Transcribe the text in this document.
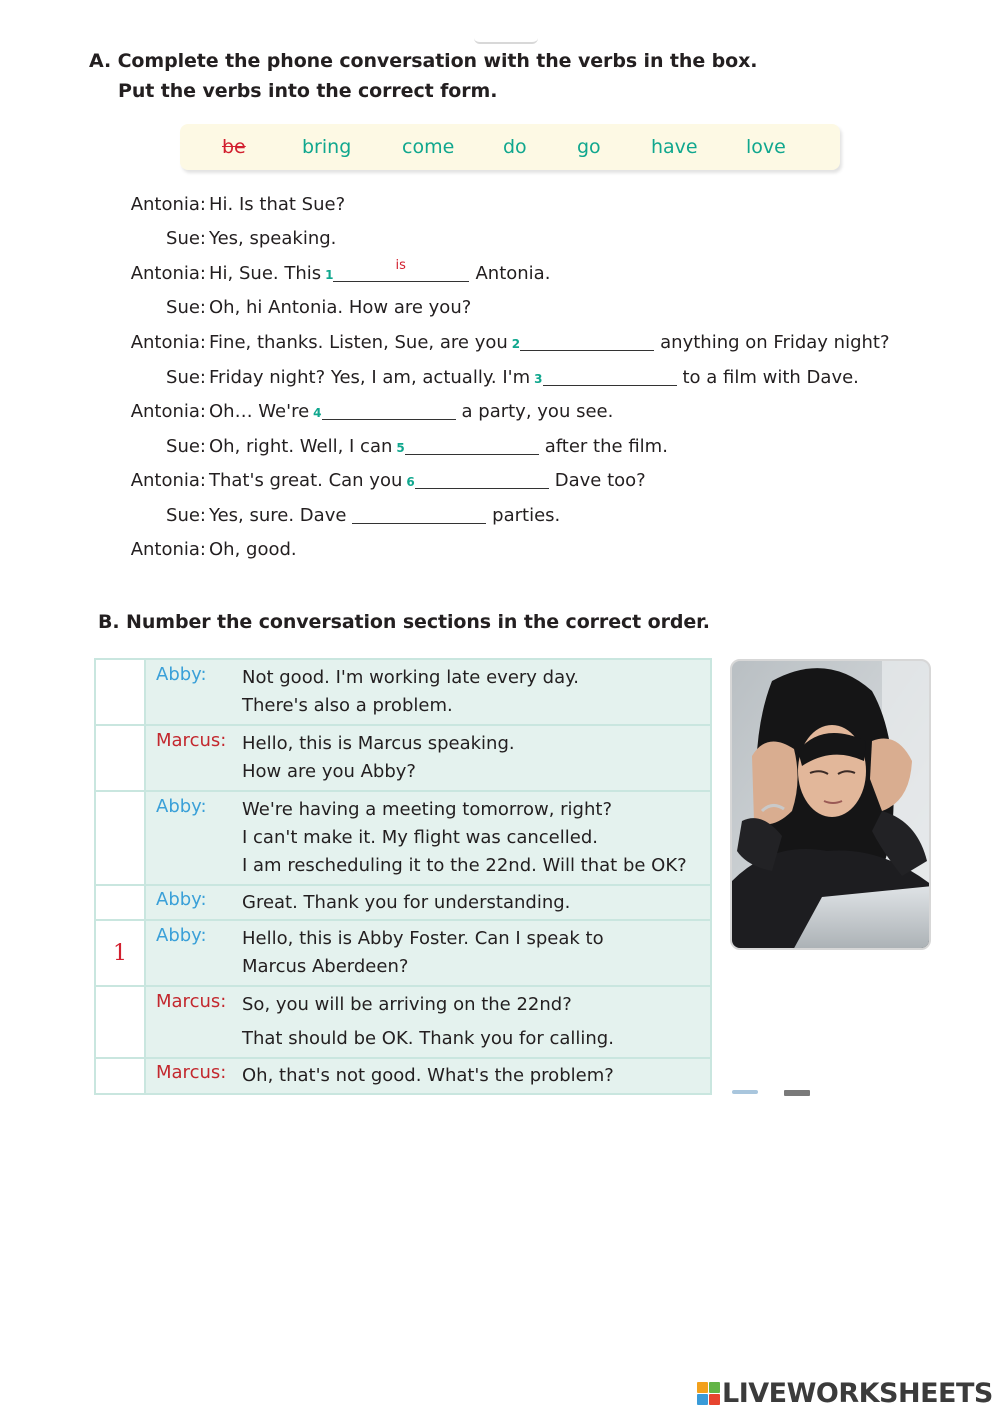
A. Complete the phone conversation with the verbs in the box.
Put the verbs into the correct form.
be	bring	come	do	go	have	love
Antonia: Hi. Is that Sue?
Sue: Yes, speaking.
Antonia: Hi, Sue. This 1
is	Antonia.
Sue: Oh, hi Antonia. How are you?
Antonia: Fine, thanks. Listen, Sue, are you 2	anything on Friday night?
Sue: Friday night? Yes, I am, actually. I'm 3	to a film with Dave.
Antonia: Oh… We're 4	a party, you see.
Sue: Oh, right. Well, I can 5	after the film.
Antonia: That's great. Can you 6	Dave too?
Sue: Yes, sure. Dave	parties.
Antonia: Oh, good.
B. Number the conversation sections in the correct order.

	Abby: Not good. I'm working late every day.
There's also a problem.

	Marcus: Hello, this is Marcus speaking.
How are you Abby?

	Abby: We're having a meeting tomorrow, right?
I can't make it. My flight was cancelled.
I am rescheduling it to the 22nd. Will that be OK?

	Abby: Great. Thank you for understanding.

1	Abby: Hello, this is Abby Foster. Can I speak to
Marcus Aberdeen?

	Marcus: So, you will be arriving on the 22nd?
That should be OK. Thank you for calling.

	Marcus: Oh, that's not good. What's the problem?
LIVEWORKSHEETS
